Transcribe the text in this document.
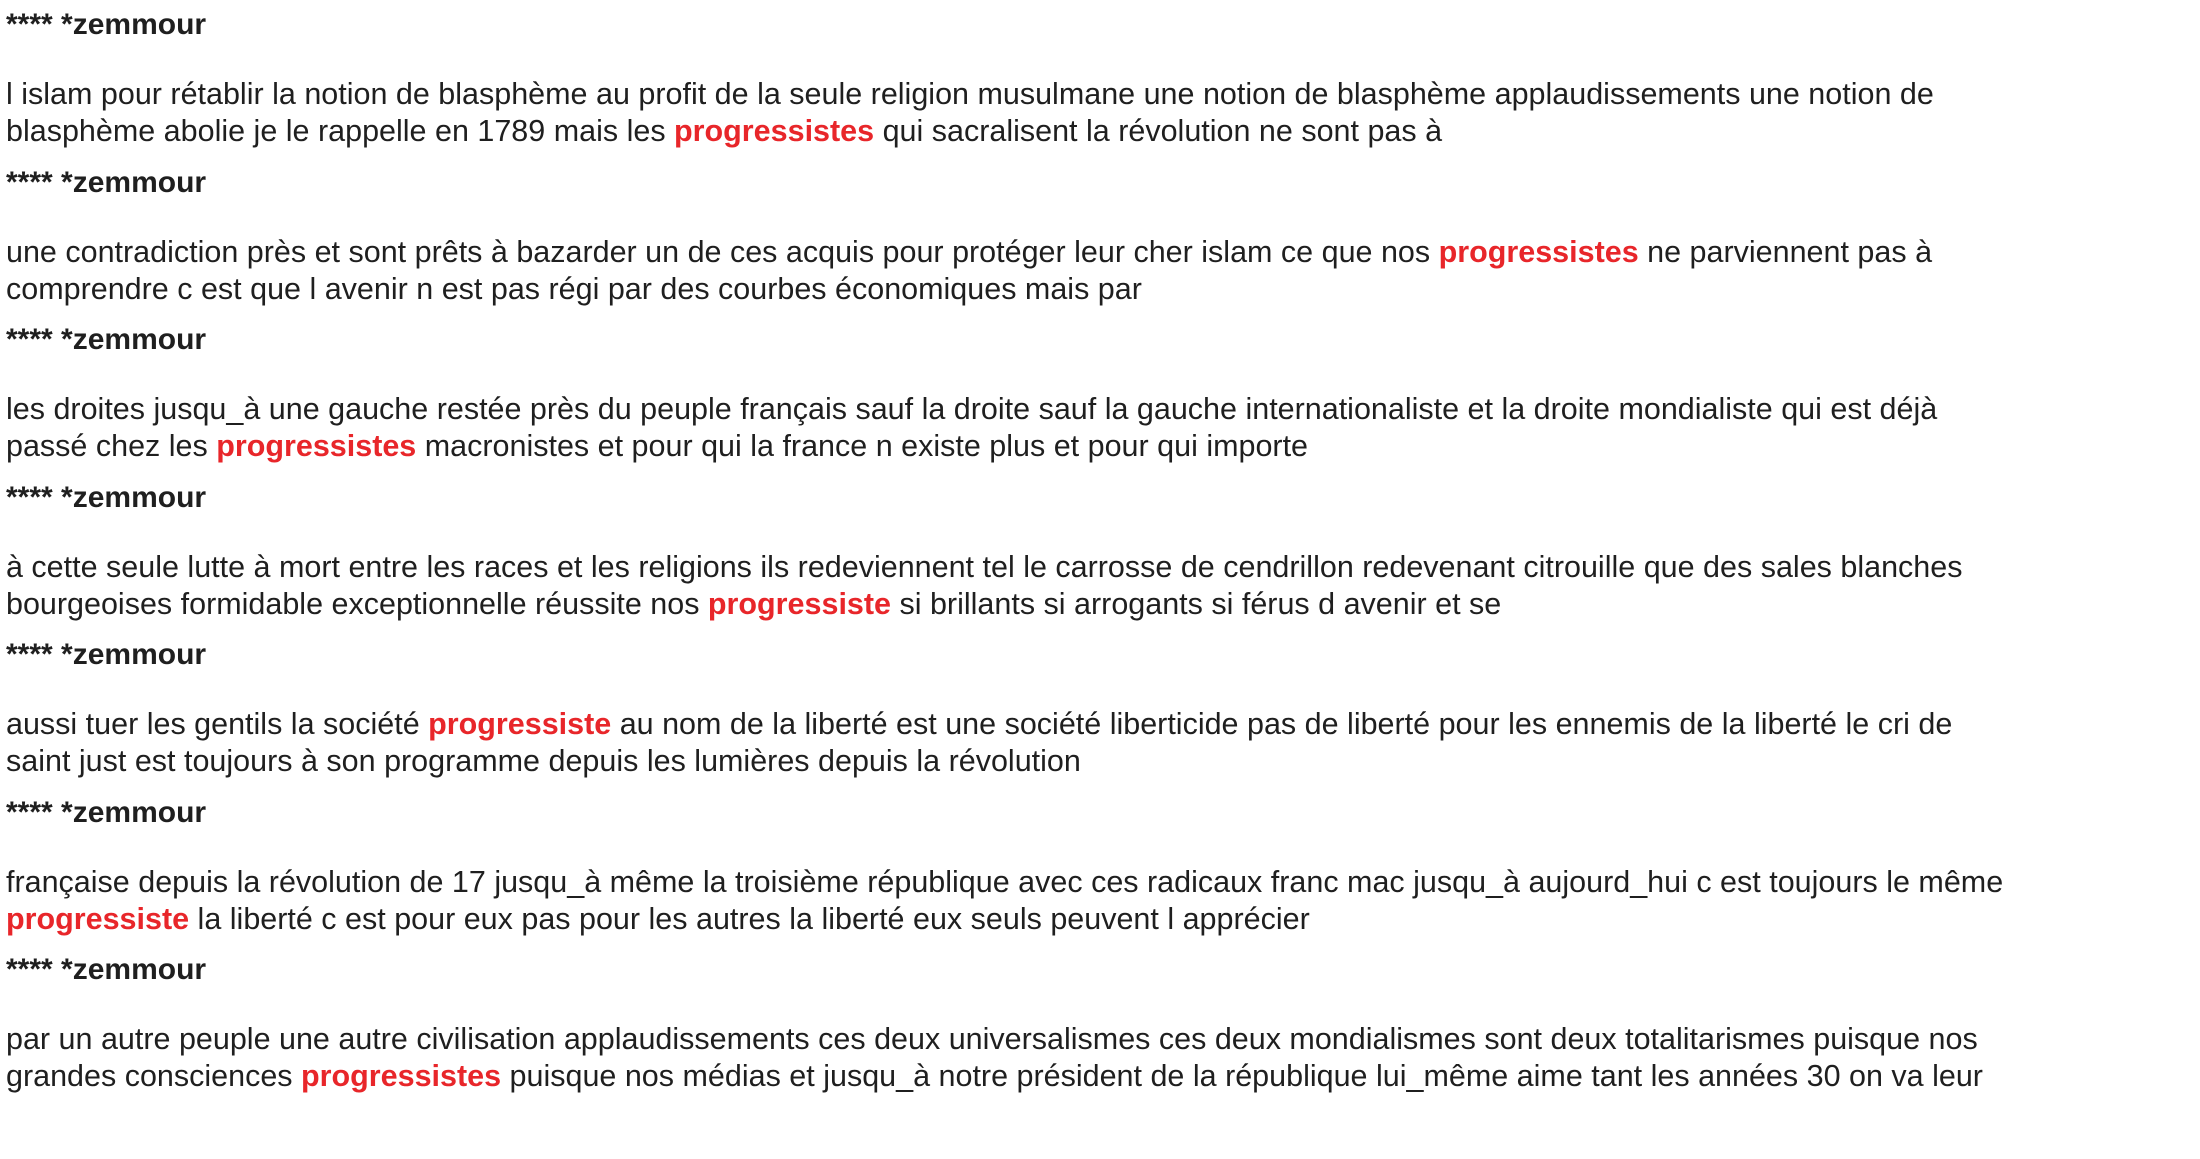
**** *zemmour

l islam pour rétablir la notion de blasphème au profit de la seule religion musulmane une notion de blasphème applaudissements une notion de
blasphème abolie je le rappelle en 1789 mais les progressistes qui sacralisent la révolution ne sont pas à

**** *zemmour

une contradiction près et sont prêts à bazarder un de ces acquis pour protéger leur cher islam ce que nos progressistes ne parviennent pas à
comprendre c est que l avenir n est pas régi par des courbes économiques mais par

**** *zemmour

les droites jusqu_à une gauche restée près du peuple français sauf la droite sauf la gauche internationaliste et la droite mondialiste qui est déjà
passé chez les progressistes macronistes et pour qui la france n existe plus et pour qui importe

**** *zemmour

à cette seule lutte à mort entre les races et les religions ils redeviennent tel le carrosse de cendrillon redevenant citrouille que des sales blanches
bourgeoises formidable exceptionnelle réussite nos progressiste si brillants si arrogants si férus d avenir et se

**** *zemmour

aussi tuer les gentils la société progressiste au nom de la liberté est une société liberticide pas de liberté pour les ennemis de la liberté le cri de
saint just est toujours à son programme depuis les lumières depuis la révolution

**** *zemmour

française depuis la révolution de 17 jusqu_à même la troisième république avec ces radicaux franc mac jusqu_à aujourd_hui c est toujours le même
progressiste la liberté c est pour eux pas pour les autres la liberté eux seuls peuvent l apprécier

**** *zemmour

par un autre peuple une autre civilisation applaudissements ces deux universalismes ces deux mondialismes sont deux totalitarismes puisque nos
grandes consciences progressistes puisque nos médias et jusqu_à notre président de la république lui_même aime tant les années 30 on va leur
